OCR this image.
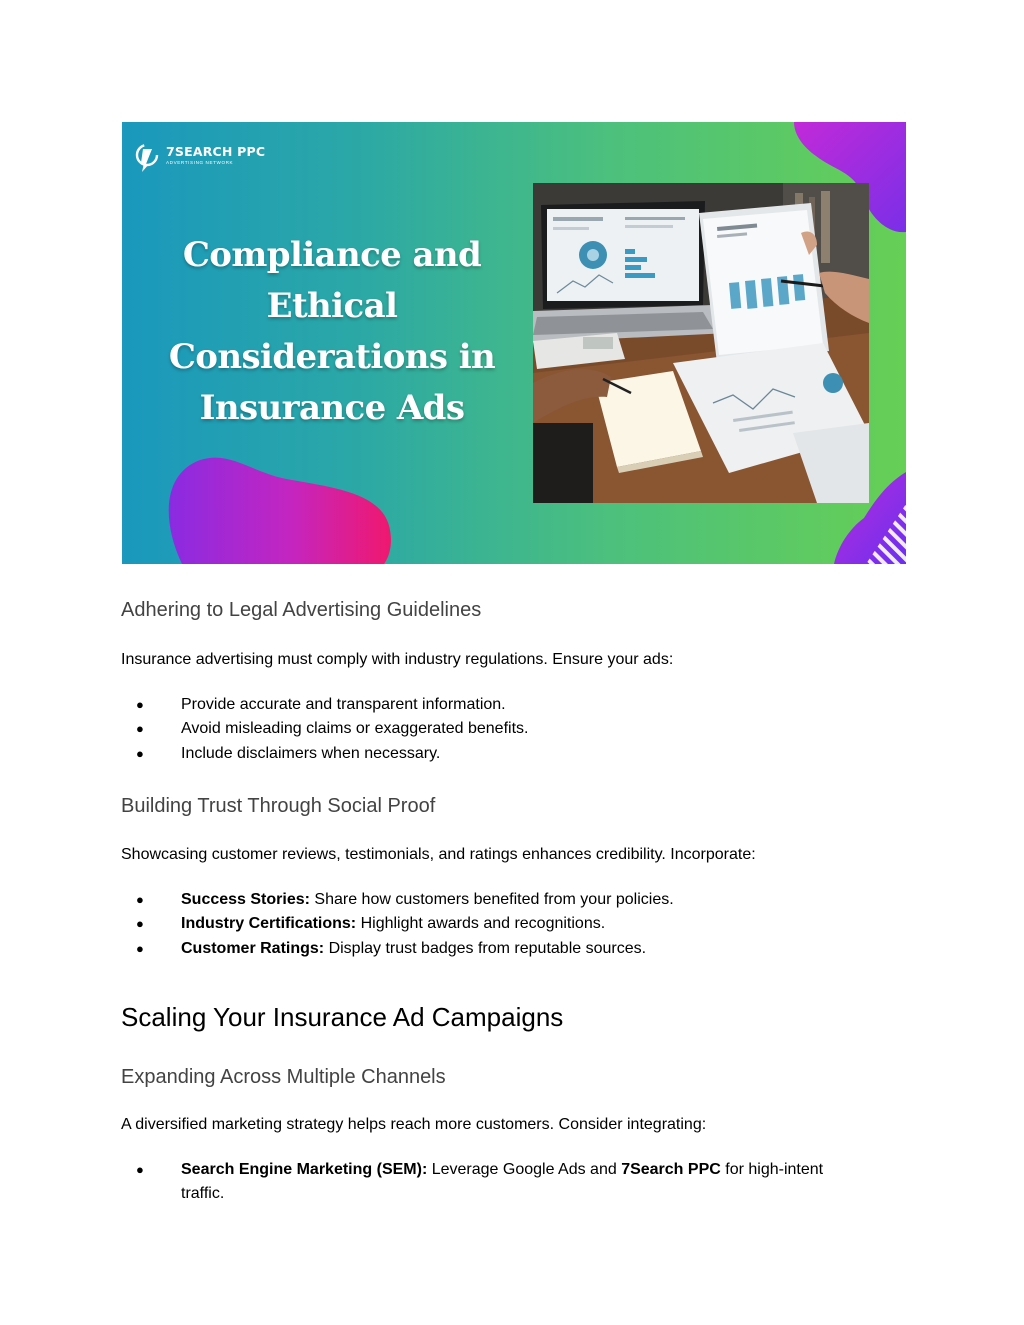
7SEARCH PPC
ADVERTISING NETWORK
Compliance and
Ethical
Considerations in
Insurance Ads
Adhering to Legal Advertising Guidelines

Insurance advertising must comply with industry regulations. Ensure your ads:

● Provide accurate and transparent information.
● Avoid misleading claims or exaggerated benefits.
● Include disclaimers when necessary.
Building Trust Through Social Proof

Showcasing customer reviews, testimonials, and ratings enhances credibility. Incorporate:

● Success Stories: Share how customers benefited from your policies.
● Industry Certifications: Highlight awards and recognitions.
● Customer Ratings: Display trust badges from reputable sources.
Scaling Your Insurance Ad Campaigns
Expanding Across Multiple Channels

A diversified marketing strategy helps reach more customers. Consider integrating:

● Search Engine Marketing (SEM): Leverage Google Ads and 7Search PPC for high-intent traffic.
